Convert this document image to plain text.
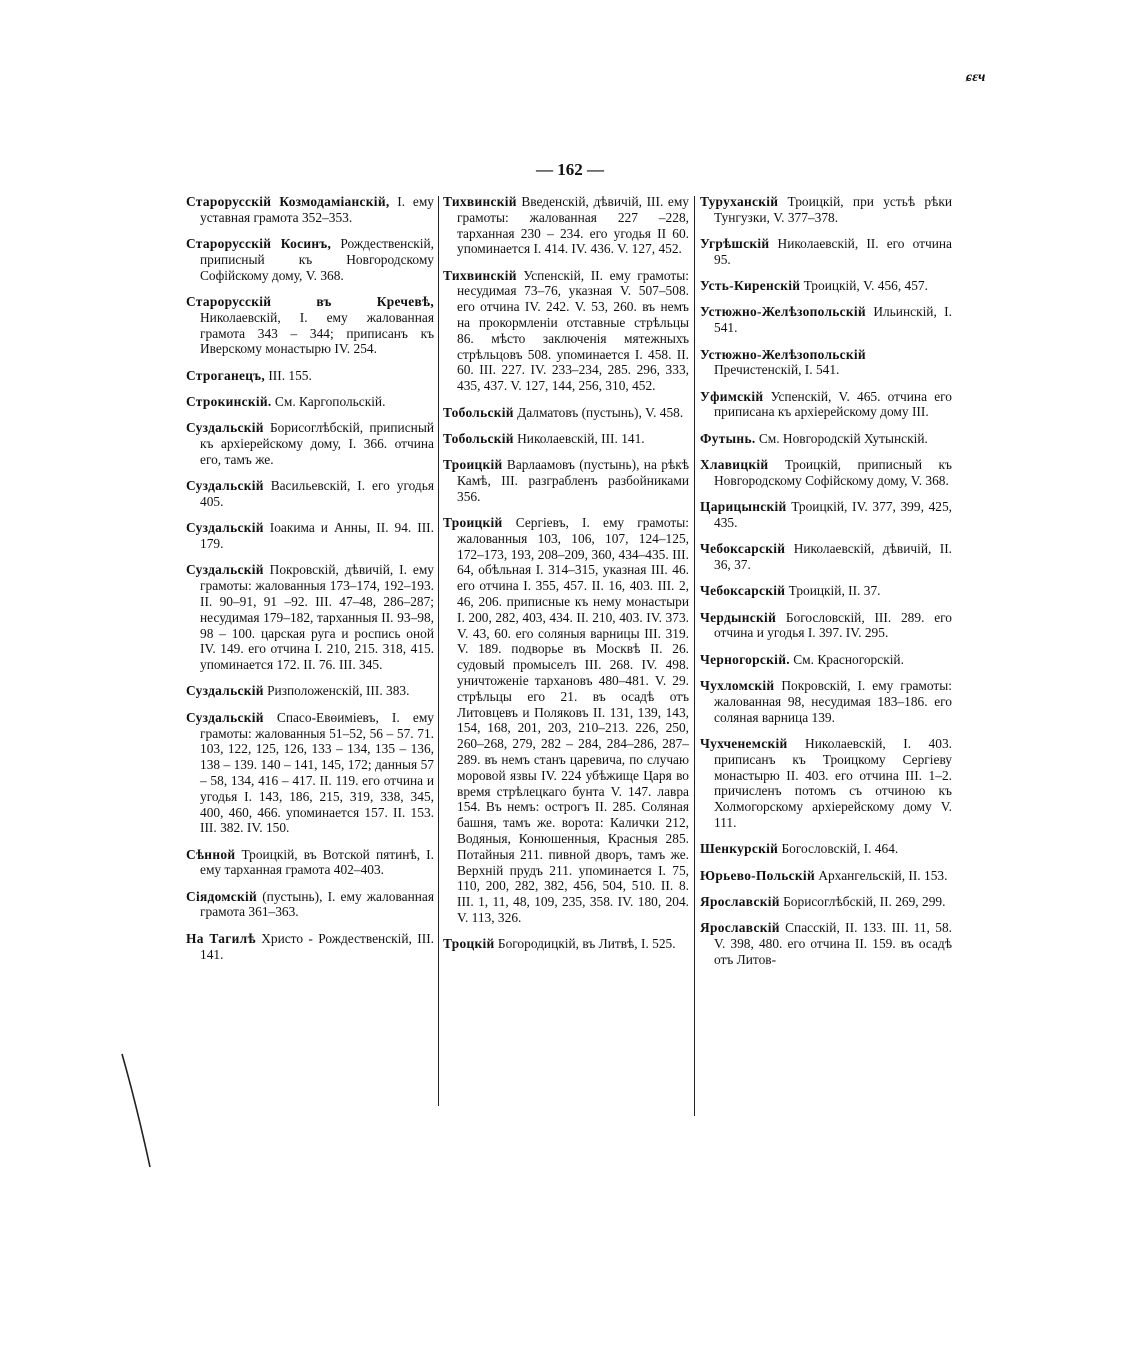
ɕɛч
— 162 —

Старорусскій Козмодаміанскій, I. ему уставная грамота 352–353.

Старорусскій Косинъ, Рождественскій, приписный къ Новгородскому Софійскому дому, V. 368.

Старорусскій въ Кречевѣ, Николаевскій, I. ему жалованная грамота 343 – 344; приписанъ къ Иверскому монастырю IV. 254.

Строганецъ, III. 155.

Строкинскій. См. Каргопольскій.

Суздальскій Борисоглѣбскій, приписный къ архіерейскому дому, I. 366. отчина его, тамъ же.

Суздальскій Васильевскій, I. его угодья 405.

Суздальскій Іоакима и Анны, II. 94. III. 179.

Суздальскій Покровскій, дѣвичій, I. ему грамоты: жалованныя 173–174, 192–193. II. 90–91, 91 –92. III. 47–48, 286–287; несудимая 179–182, тарханныя II. 93–98, 98 – 100. царская руга и роспись оной IV. 149. его отчина I. 210, 215. 318, 415. упоминается 172. II. 76. III. 345.

Суздальскій Ризположенскій, III. 383.

Суздальскій Спасо-Евѳиміевъ, I. ему грамоты: жалованныя 51–52, 56 – 57. 71. 103, 122, 125, 126, 133 – 134, 135 – 136, 138 – 139. 140 – 141, 145, 172; данныя 57 – 58, 134, 416 – 417. II. 119. его отчина и угодья I. 143, 186, 215, 319, 338, 345, 400, 460, 466. упоминается 157. II. 153. III. 382. IV. 150.

Сѣнной Троицкій, въ Вотской пятинѣ, I. ему тарханная грамота 402–403.

Сіядомскій (пустынь), I. ему жалованная грамота 361–363.

На Тагилѣ Христо - Рождественскій, III. 141.

Тихвинскій Введенскій, дѣвичій, III. ему грамоты: жалованная 227 –228, тарханная 230 – 234. его угодья II 60. упоминается I. 414. IV. 436. V. 127, 452.

Тихвинскій Успенскій, II. ему грамоты: несудимая 73–76, указная V. 507–508. его отчина IV. 242. V. 53, 260. въ немъ на прокормленіи отставные стрѣльцы 86. мѣсто заключенія мятежныхъ стрѣльцовъ 508. упоминается I. 458. II. 60. III. 227. IV. 233–234, 285. 296, 333, 435, 437. V. 127, 144, 256, 310, 452.

Тобольскій Далматовъ (пустынь), V. 458.

Тобольскій Николаевскій, III. 141.

Троицкій Варлаамовъ (пустынь), на рѣкѣ Камѣ, III. разграбленъ разбойниками 356.

Троицкій Сергіевъ, I. ему грамоты: жалованныя 103, 106, 107, 124–125, 172–173, 193, 208–209, 360, 434–435. III. 64, обѣльная I. 314–315, указная III. 46. его отчина I. 355, 457. II. 16, 403. III. 2, 46, 206. приписные къ нему монастыри I. 200, 282, 403, 434. II. 210, 403. IV. 373. V. 43, 60. его соляныя варницы III. 319. V. 189. подворье въ Москвѣ II. 26. судовый промыселъ III. 268. IV. 498. уничтоженіе тархановъ 480–481. V. 29. стрѣльцы его 21. въ осадѣ отъ Литовцевъ и Поляковъ II. 131, 139, 143, 154, 168, 201, 203, 210–213. 226, 250, 260–268, 279, 282 – 284, 284–286, 287–289. въ немъ станъ царевича, по случаю моровой язвы IV. 224 убѣжище Царя во время стрѣлецкаго бунта V. 147. лавра 154. Въ немъ: острогъ II. 285. Соляная башня, тамъ же. ворота: Калички 212, Водяныя, Конюшенныя, Красныя 285. Потайныя 211. пивной дворъ, тамъ же. Верхній прудъ 211. упоминается I. 75, 110, 200, 282, 382, 456, 504, 510. II. 8. III. 1, 11, 48, 109, 235, 358. IV. 180, 204. V. 113, 326.

Троцкій Богородицкій, въ Литвѣ, I. 525.

Туруханскій Троицкій, при устьѣ рѣки Тунгузки, V. 377–378.

Угрѣшскій Николаевскій, II. его отчина 95.

Усть-Киренскій Троицкій, V. 456, 457.

Устюжно-Желѣзопольскій Ильинскій, I. 541.

Устюжно-Желѣзопольскій Пречистенскій, I. 541.

Уфимскій Успенскій, V. 465. отчина его приписана къ архіерейскому дому III.

Футынь. См. Новгородскій Хутынскій.

Хлавицкій Троицкій, приписный къ Новгородскому Софійскому дому, V. 368.

Царицынскій Троицкій, IV. 377, 399, 425, 435.

Чебоксарскій Николаевскій, дѣвичій, II. 36, 37.

Чебоксарскій Троицкій, II. 37.

Чердынскій Богословскій, III. 289. его отчина и угодья I. 397. IV. 295.

Черногорскій. См. Красногорскій.

Чухломскій Покровскій, I. ему грамоты: жалованная 98, несудимая 183–186. его соляная варница 139.

Чухченемскій Николаевскій, I. 403. приписанъ къ Троицкому Сергіеву монастырю II. 403. его отчина III. 1–2. причисленъ потомъ съ отчиною къ Холмогорскому архіерейскому дому V. 111.

Шенкурскій Богословскій, I. 464.

Юрьево-Польскій Архангельскій, II. 153.

Ярославскій Борисоглѣбскій, II. 269, 299.

Ярославскій Спасскій, II. 133. III. 11, 58. V. 398, 480. его отчина II. 159. въ осадѣ отъ Литов-
